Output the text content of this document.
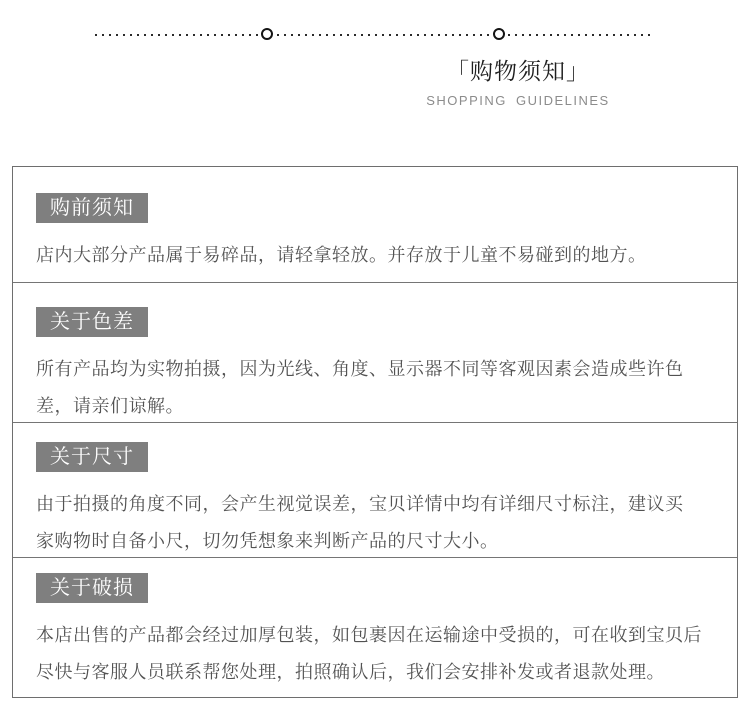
「购物须知」
SHOPPING GUIDELINES
购前须知
店内大部分产品属于易碎品，请轻拿轻放。并存放于儿童不易碰到的地方。
关于色差
所有产品均为实物拍摄，因为光线、角度、显示器不同等客观因素会造成些许色
差，请亲们谅解。
关于尺寸
由于拍摄的角度不同，会产生视觉误差，宝贝详情中均有详细尺寸标注，建议买
家购物时自备小尺，切勿凭想象来判断产品的尺寸大小。
关于破损
本店出售的产品都会经过加厚包装，如包裹因在运输途中受损的，可在收到宝贝后
尽快与客服人员联系帮您处理，拍照确认后，我们会安排补发或者退款处理。
